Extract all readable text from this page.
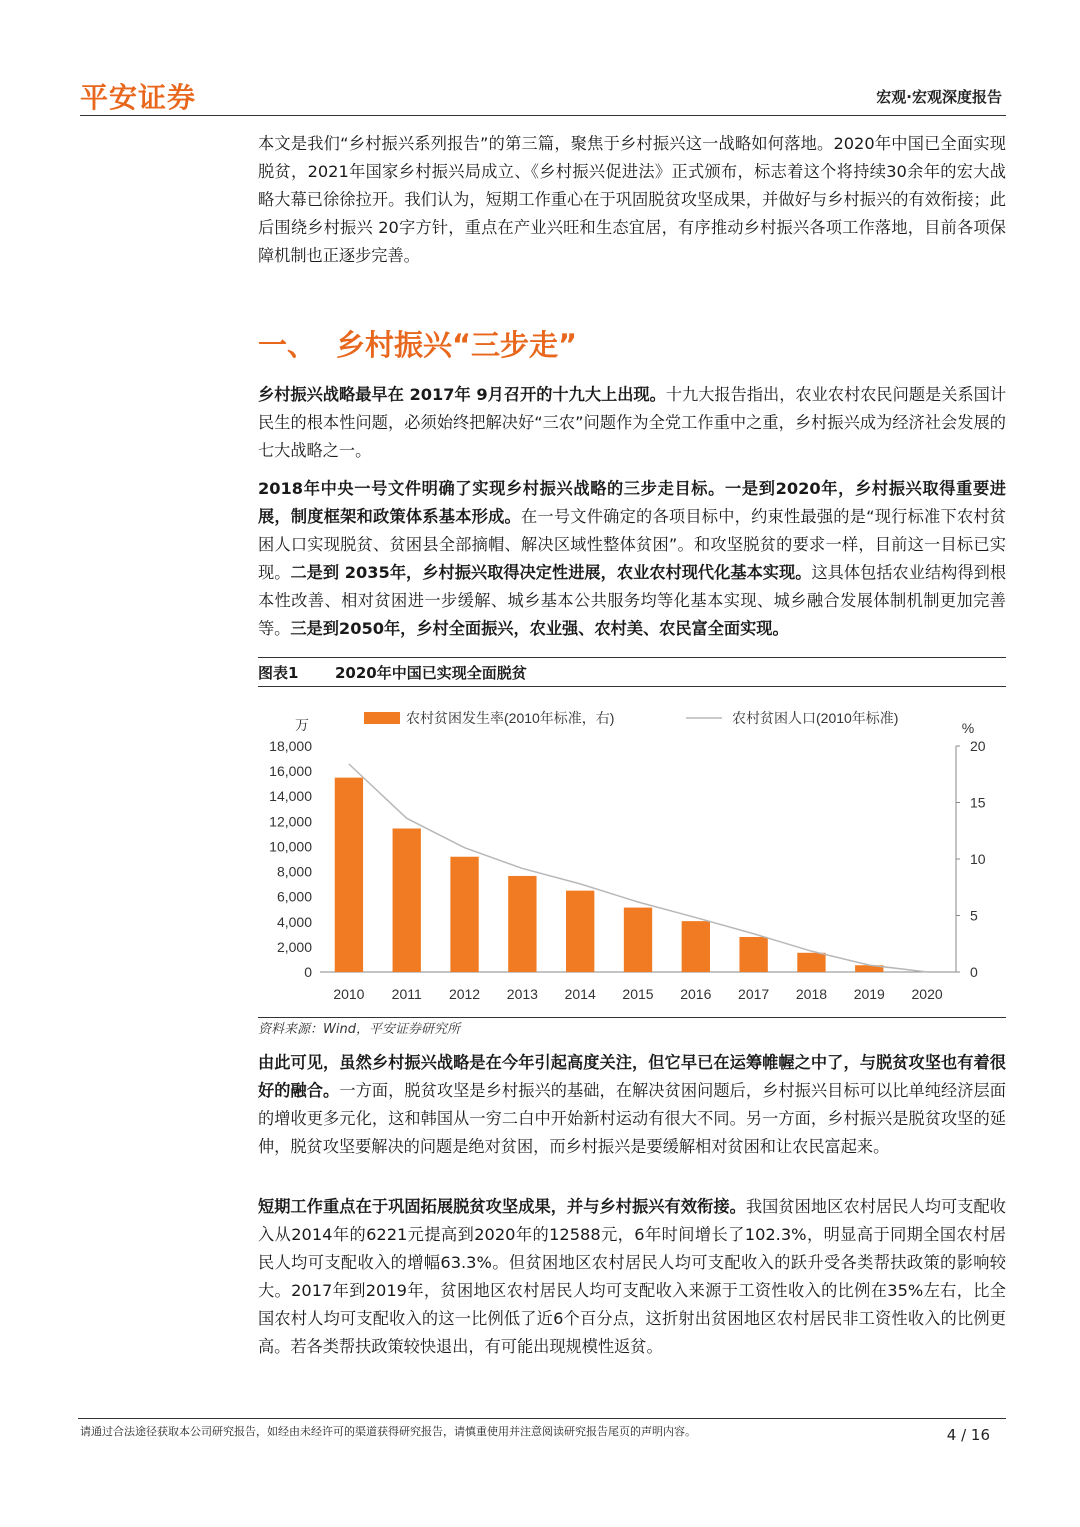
平安证券	宏观·宏观深度报告

本文是我们“乡村振兴系列报告”的第三篇，聚焦于乡村振兴这一战略如何落地。2020年中国已全面实现脱贫，2021年国家乡村振兴局成立、《乡村振兴促进法》正式颁布，标志着这个将持续30余年的宏大战略大幕已徐徐拉开。我们认为，短期工作重心在于巩固脱贫攻坚成果，并做好与乡村振兴的有效衔接；此后围绕乡村振兴 20字方针，重点在产业兴旺和生态宜居，有序推动乡村振兴各项工作落地，目前各项保障机制也正逐步完善。

一、 乡村振兴“三步走”

乡村振兴战略最早在 2017年 9月召开的十九大上出现。十九大报告指出，农业农村农民问题是关系国计民生的根本性问题，必须始终把解决好“三农”问题作为全党工作重中之重，乡村振兴成为经济社会发展的七大战略之一。

2018年中央一号文件明确了实现乡村振兴战略的三步走目标。一是到2020年，乡村振兴取得重要进展，制度框架和政策体系基本形成。在一号文件确定的各项目标中，约束性最强的是“现行标准下农村贫困人口实现脱贫、贫困县全部摘帽、解决区域性整体贫困”。和攻坚脱贫的要求一样，目前这一目标已实现。二是到 2035年，乡村振兴取得决定性进展，农业农村现代化基本实现。这具体包括农业结构得到根本性改善、相对贫困进一步缓解、城乡基本公共服务均等化基本实现、城乡融合发展体制机制更加完善等。三是到2050年，乡村全面振兴，农业强、农村美、农民富全面实现。

图表1 2020年中国已实现全面脱贫
万	%
18,000
16,000
14,000
12,000
10,000
8,000
6,000
4,000
2,000
0
20
15
10
5
0
2010 2011 2012 2013 2014 2015 2016 2017 2018 2019 2020
农村贫困发生率(2010年标准，右)	农村贫困人口(2010年标准)
资料来源：Wind，平安证券研究所

由此可见，虽然乡村振兴战略是在今年引起高度关注，但它早已在运筹帷幄之中了，与脱贫攻坚也有着很好的融合。一方面，脱贫攻坚是乡村振兴的基础，在解决贫困问题后，乡村振兴目标可以比单纯经济层面的增收更多元化，这和韩国从一穷二白中开始新村运动有很大不同。另一方面，乡村振兴是脱贫攻坚的延伸，脱贫攻坚要解决的问题是绝对贫困，而乡村振兴是要缓解相对贫困和让农民富起来。

短期工作重点在于巩固拓展脱贫攻坚成果，并与乡村振兴有效衔接。我国贫困地区农村居民人均可支配收入从2014年的6221元提高到2020年的12588元，6年时间增长了102.3%，明显高于同期全国农村居民人均可支配收入的增幅63.3%。但贫困地区农村居民人均可支配收入的跃升受各类帮扶政策的影响较大。2017年到2019年，贫困地区农村居民人均可支配收入来源于工资性收入的比例在35%左右，比全国农村人均可支配收入的这一比例低了近6个百分点，这折射出贫困地区农村居民非工资性收入的比例更高。若各类帮扶政策较快退出，有可能出现规模性返贫。

请通过合法途径获取本公司研究报告，如经由未经许可的渠道获得研究报告，请慎重使用并注意阅读研究报告尾页的声明内容。	4 / 16
